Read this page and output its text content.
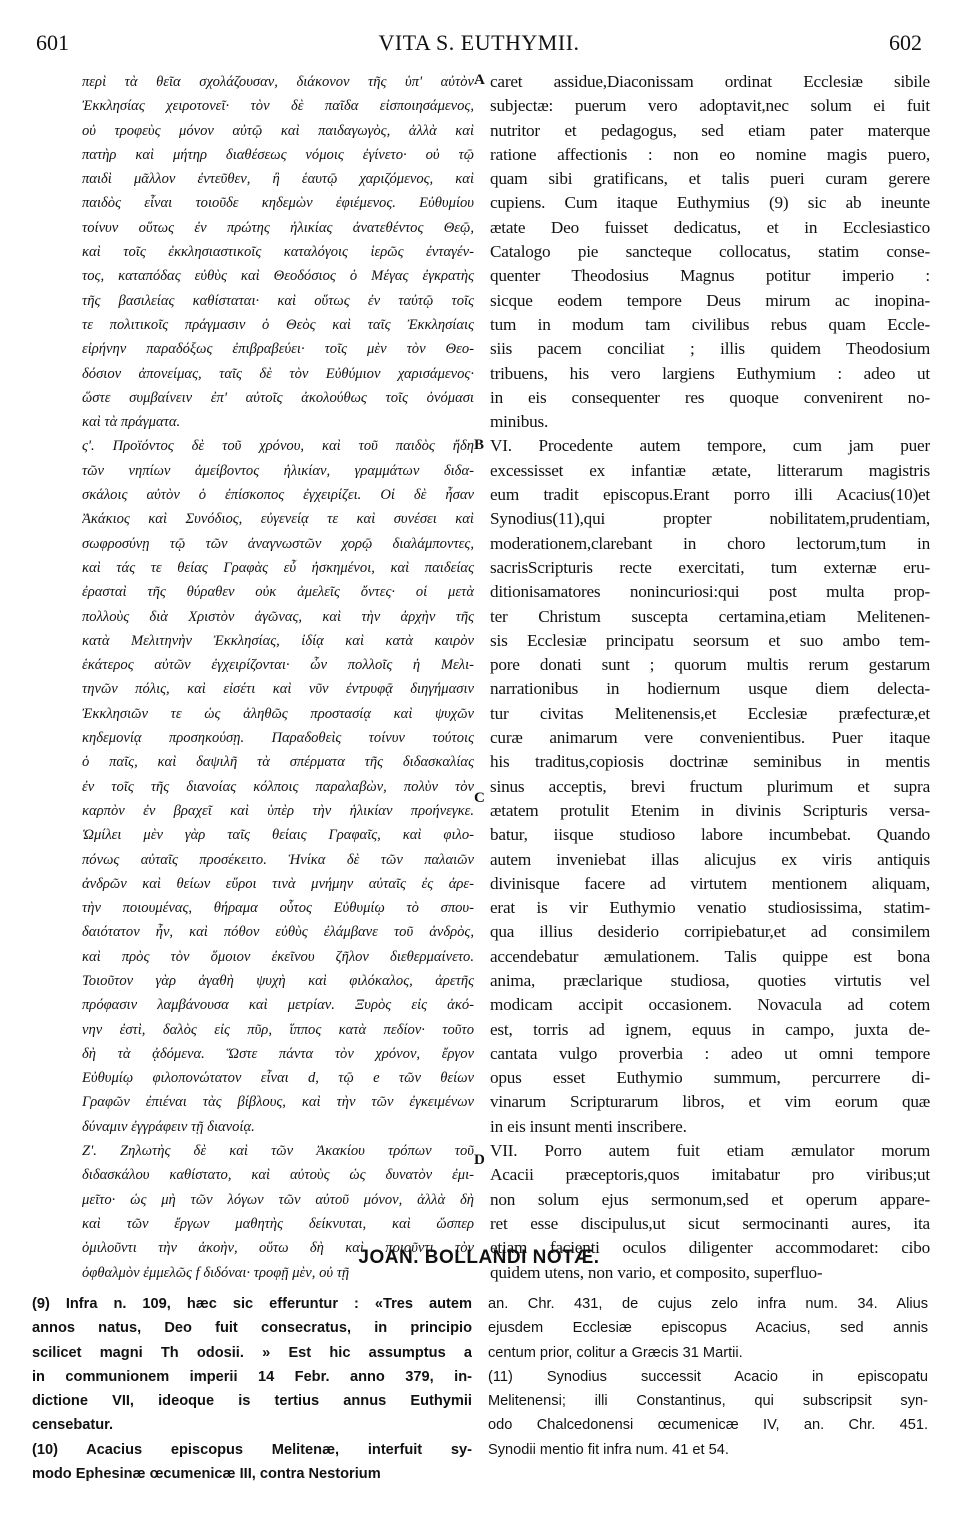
601	VITA S. EUTHYMII.	602
περὶ τὰ θεῖα σχολάζουσαν, διάκονον τῆς ὑπ' αὐτὸν
Ἐκκλησίας χειροτονεῖ· τὸν δὲ παῖδα εἰσποιησάμενος,
οὐ τροφεὺς μόνον αὐτῷ καὶ παιδαγωγὸς, ἀλλὰ καὶ
πατὴρ καὶ μήτηρ διαθέσεως νόμοις ἐγίνετο· οὐ τῷ
παιδὶ μᾶλλον ἐντεῦθεν, ἢ ἑαυτῷ χαριζόμενος, καὶ
παιδὸς εἶναι τοιοῦδε κηδεμὼν ἐφιέμενος. Εὐθυμίου
τοίνυν οὕτως ἐν πρώτης ἡλικίας ἀνατεθέντος Θεῷ,
καὶ τοῖς ἐκκλησιαστικοῖς καταλόγοις ἱερῶς ἐνταγέν-
τος, καταπόδας εὐθὺς καὶ Θεοδόσιος ὁ Μέγας ἐγκρατὴς
τῆς βασιλείας καθίσταται· καὶ οὕτως ἐν ταὐτῷ τοῖς
τε πολιτικοῖς πράγμασιν ὁ Θεὸς καὶ ταῖς Ἐκκλησίαις
εἰρήνην παραδόξως ἐπιβραβεύει· τοῖς μὲν τὸν Θεο-
δόσιον ἀπονείμας, ταῖς δὲ τὸν Εὐθύμιον χαρισάμενος·
ὥστε συμβαίνειν ἐπ' αὐτοῖς ἀκολούθως τοῖς ὀνόμασι
καὶ τὰ πράγματα.
ς'. Προϊόντος δὲ τοῦ χρόνου, καὶ τοῦ παιδὸς ἤδη
τῶν νηπίων ἀμείβοντος ἡλικίαν, γραμμάτων διδα-
σκάλοις αὐτὸν ὁ ἐπίσκοπος ἐγχειρίζει. Οἱ δὲ ἦσαν
Ἀκάκιος καὶ Συνόδιος, εὐγενείᾳ τε καὶ συνέσει καὶ
σωφροσύνῃ τῷ τῶν ἀναγνωστῶν χορῷ διαλάμποντες,
καὶ τάς τε θείας Γραφὰς εὖ ἠσκημένοι, καὶ παιδείας
ἐρασταὶ τῆς θύραθεν οὐκ ἀμελεῖς ὄντες· οἱ μετὰ
πολλοὺς διὰ Χριστὸν ἀγῶνας, καὶ τὴν ἀρχὴν τῆς
κατὰ Μελιτηνὴν Ἐκκλησίας, ἰδίᾳ καὶ κατὰ καιρὸν
ἑκάτερος αὐτῶν ἐγχειρίζονται· ὧν πολλοῖς ἡ Μελι-
τηνῶν πόλις, καὶ εἰσέτι καὶ νῦν ἐντρυφᾷ διηγήμασιν
Ἐκκλησιῶν τε ὡς ἀληθῶς προστασίᾳ καὶ ψυχῶν
κηδεμονίᾳ προσηκούσῃ. Παραδοθεὶς τοίνυν τούτοις
ὁ παῖς, καὶ δαψιλῆ τὰ σπέρματα τῆς διδασκαλίας
ἐν τοῖς τῆς διανοίας κόλποις παραλαβὼν, πολὺν τὸν
καρπὸν ἐν βραχεῖ καὶ ὑπὲρ τὴν ἡλικίαν προήνεγκε.
Ὡμίλει μὲν γὰρ ταῖς θείαις Γραφαῖς, καὶ φιλο-
πόνως αὐταῖς προσέκειτο. Ἡνίκα δὲ τῶν παλαιῶν
ἀνδρῶν καὶ θείων εὕροι τινὰ μνήμην αὐταῖς ἐς ἀρε-
τὴν ποιουμένας, θήραμα οὗτος Εὐθυμίῳ τὸ σπου-
δαιότατον ἦν, καὶ πόθον εὐθὺς ἐλάμβανε τοῦ ἀνδρὸς,
καὶ πρὸς τὸν ὅμοιον ἐκεῖνου ζῆλον διεθερμαίνετο.
Τοιοῦτον γὰρ ἀγαθὴ ψυχὴ καὶ φιλόκαλος, ἀρετῆς
πρόφασιν λαμβάνουσα καὶ μετρίαν. Ξυρὸς εἰς ἀκό-
νην ἐστὶ, δαλὸς εἰς πῦρ, ἵππος κατὰ πεδίον· τοῦτο
δὴ τὰ ᾀδόμενα. Ὥστε πάντα τὸν χρόνον, ἔργον
Εὐθυμίῳ φιλοπονώτατον εἶναι d, τῷ e τῶν θείων
Γραφῶν ἐπιέναι τὰς βίβλους, καὶ τὴν τῶν ἐγκειμένων
δύναμιν ἐγγράφειν τῇ διανοίᾳ.
Ζ'. Ζηλωτὴς δὲ καὶ τῶν Ἀκακίου τρόπων τοῦ
διδασκάλου καθίστατο, καὶ αὐτοὺς ὡς δυνατὸν ἐμι-
μεῖτο· ὡς μὴ τῶν λόγων τῶν αὐτοῦ μόνον, ἀλλὰ δὴ
καὶ τῶν ἔργων μαθητὴς δείκνυται, καὶ ὥσπερ
ὁμιλοῦντι τὴν ἀκοὴν, οὕτω δὴ καὶ ποιοῦντι τὸν
ὀφθαλμὸν ἐμμελῶς f διδόναι· τροφῇ μὲν, οὐ τῇ
caret assidue,Diaconissam ordinat Ecclesiæ sibile
subjectæ: puerum vero adoptavit,nec solum ei fuit
nutritor et pedagogus, sed etiam pater materque
ratione affectionis : non eo nomine magis puero,
quam sibi gratificans, et talis pueri curam gerere
cupiens. Cum itaque Euthymius (9) sic ab ineunte
ætate Deo fuisset dedicatus, et in Ecclesiastico
Catalogo pie sancteque collocatus, statim conse-
quenter Theodosius Magnus potitur imperio :
sicque eodem tempore Deus mirum ac inopina-
tum in modum tam civilibus rebus quam Eccle-
siis pacem conciliat ; illis quidem Theodosium
tribuens, his vero largiens Euthymium : adeo ut
in eis consequenter res quoque convenirent no-
minibus.
VI. Procedente autem tempore, cum jam puer
excessisset ex infantiæ ætate, litterarum magistris
eum tradit episcopus.Erant porro illi Acacius(10)et
Synodius(11),qui propter nobilitatem,prudentiam,
moderationem,clarebant in choro lectorum,tum in
sacrisScripturis recte exercitati, tum externæ eru-
ditionisamatores nonincuriosi:qui post multa prop-
ter Christum suscepta certamina,etiam Melitenen-
sis Ecclesiæ principatu seorsum et suo ambo tem-
pore donati sunt ; quorum multis rerum gestarum
narrationibus in hodiernum usque diem delecta-
tur civitas Melitenensis,et Ecclesiæ præfecturæ,et
curæ animarum vere convenientibus. Puer itaque
his traditus,copiosis doctrinæ seminibus in mentis
sinus acceptis, brevi fructum plurimum et supra
ætatem protulit Etenim in divinis Scripturis versa-
batur, iisque studioso labore incumbebat. Quando
autem inveniebat illas alicujus ex viris antiquis
divinisque facere ad virtutem mentionem aliquam,
erat is vir Euthymio venatio studiosissima, statim-
qua illius desiderio corripiebatur,et ad consimilem
accendebatur æmulationem. Talis quippe est bona
anima, præclarique studiosa, quoties virtutis vel
modicam accipit occasionem. Novacula ad cotem
est, torris ad ignem, equus in campo, juxta de-
cantata vulgo proverbia : adeo ut omni tempore
opus esset Euthymio summum, percurrere di-
vinarum Scripturarum libros, et vim eorum quæ
in eis insunt menti inscribere.
VII. Porro autem fuit etiam æmulator morum
Acacii præceptoris,quos imitabatur pro viribus;ut
non solum ejus sermonum,sed et operum appare-
ret esse discipulus,ut sicut sermocinanti aures, ita
etiam facienti oculos diligenter accommodaret: cibo
quidem utens, non vario, et composito, superfluo-
A
B
C
D
JOAN. BOLLANDI NOTÆ.
(9) Infra n. 109, hæc sic efferuntur : «Tres autem
annos natus, Deo fuit consecratus, in principio
scilicet magni Th odosii. » Est hic assumptus a
in communionem imperii 14 Febr. anno 379, in-
dictione VII, ideoque is tertius annus Euthymii
censebatur.
(10) Acacius episcopus Melitenæ, interfuit sy-
modo Ephesinæ œcumenicæ III, contra Nestorium
an. Chr. 431, de cujus zelo infra num. 34. Alius
ejusdem Ecclesiæ episcopus Acacius, sed annis
centum prior, colitur a Græcis 31 Martii.
(11) Synodius successit Acacio in episcopatu
Melitenensi; illi Constantinus, qui subscripsit syn-
odo Chalcedonensi œcumenicæ IV, an. Chr. 451.
Synodii mentio fit infra num. 41 et 54.
